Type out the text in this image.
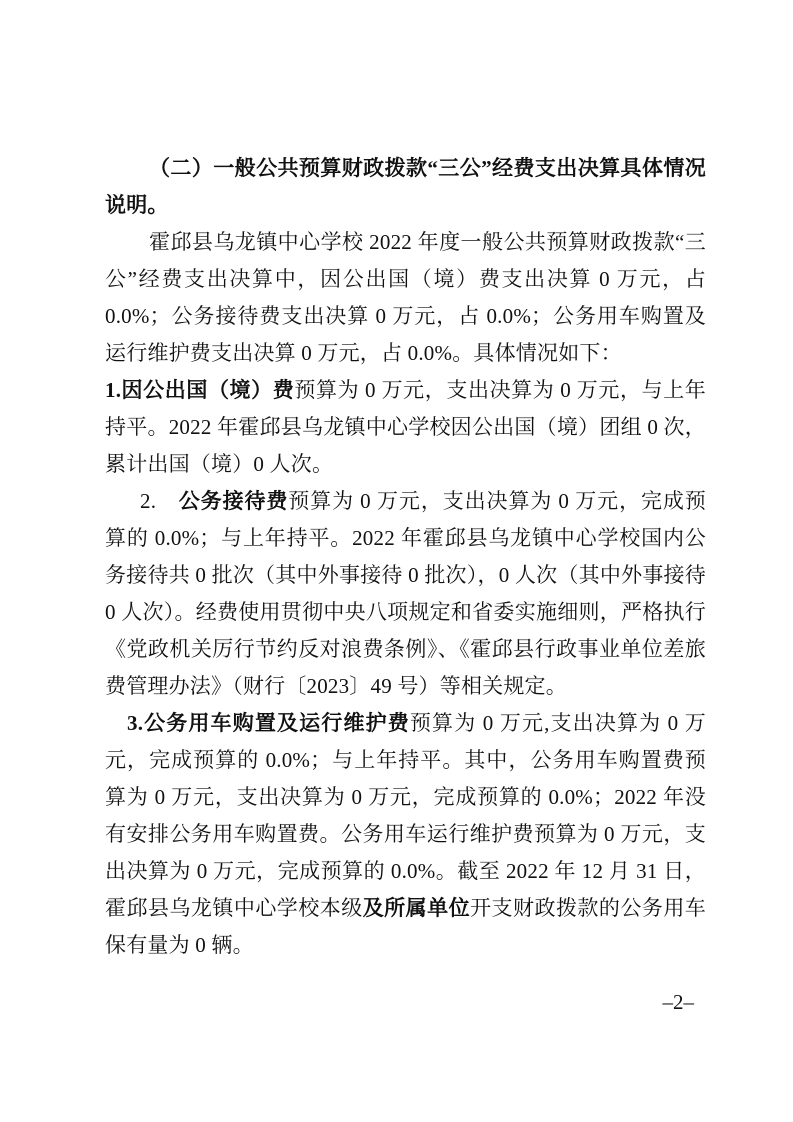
（二）一般公共预算财政拨款“三公”经费支出决算具体情况说明。

霍邱县乌龙镇中心学校 2022 年度一般公共预算财政拨款“三公”经费支出决算中，因公出国（境）费支出决算 0 万元，占 0.0%；公务接待费支出决算 0 万元，占 0.0%；公务用车购置及运行维护费支出决算 0 万元，占 0.0%。具体情况如下：

1.因公出国（境）费预算为 0 万元，支出决算为 0 万元，与上年持平。2022 年霍邱县乌龙镇中心学校因公出国（境）团组 0 次，累计出国（境）0 人次。

2.　公务接待费预算为 0 万元，支出决算为 0 万元，完成预算的 0.0%；与上年持平。2022 年霍邱县乌龙镇中心学校国内公务接待共 0 批次（其中外事接待 0 批次），0 人次（其中外事接待 0 人次）。经费使用贯彻中央八项规定和省委实施细则，严格执行《党政机关厉行节约反对浪费条例》、《霍邱县行政事业单位差旅费管理办法》（财行〔2023〕49 号）等相关规定。

3.公务用车购置及运行维护费预算为 0 万元,支出决算为 0 万元，完成预算的 0.0%；与上年持平。其中，公务用车购置费预算为 0 万元，支出决算为 0 万元，完成预算的 0.0%；2022 年没有安排公务用车购置费。公务用车运行维护费预算为 0 万元，支出决算为 0 万元，完成预算的 0.0%。截至 2022 年 12 月 31 日，霍邱县乌龙镇中心学校本级及所属单位开支财政拨款的公务用车保有量为 0 辆。

–2–
